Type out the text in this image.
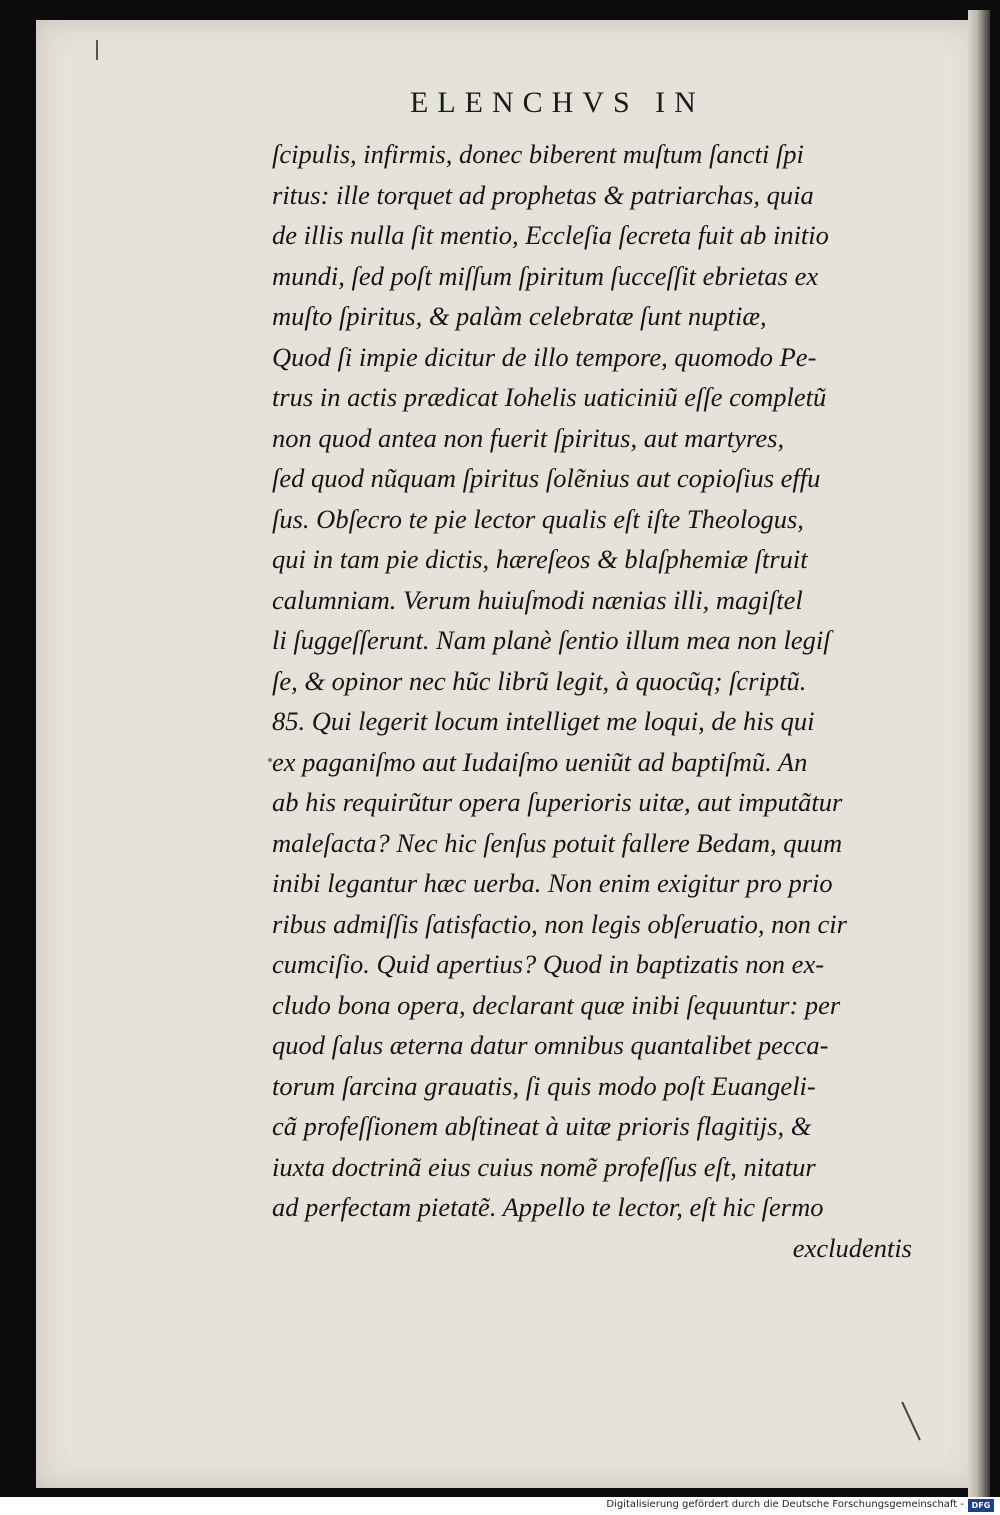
ELENCHVS IN
ſcipulis, infirmis, donec biberent muſtum ſancti ſpi
ritus: ille torquet ad prophetas & patriarchas, quia
de illis nulla ſit mentio, Eccleſia ſecreta fuit ab initio
mundi, ſed poſt miſſum ſpiritum ſucceſſit ebrietas ex
muſto ſpiritus, & palàm celebratæ ſunt nuptiæ,
Quod ſi impie dicitur de illo tempore, quomodo Pe-
trus in actis prædicat Iohelis uaticiniũ eſſe completũ
non quod antea non fuerit ſpiritus, aut martyres,
ſed quod nũquam ſpiritus ſolẽnius aut copioſius effu
ſus. Obſecro te pie lector qualis eſt iſte Theologus,
qui in tam pie dictis, hæreſeos & blaſphemiæ ſtruit
calumniam. Verum huiuſmodi nænias illi, magiſtel
li ſuggeſſerunt. Nam planè ſentio illum mea non legiſ
ſe, & opinor nec hũc librũ legit, à quocũq; ſcriptũ.
85. Qui legerit locum intelliget me loqui, de his qui
ex paganiſmo aut Iudaiſmo ueniũt ad baptiſmũ. An
ab his requirũtur opera ſuperioris uitæ, aut imputãtur
maleſacta? Nec hic ſenſus potuit fallere Bedam, quum
inibi legantur hæc uerba. Non enim exigitur pro prio
ribus admiſſis ſatisfactio, non legis obſeruatio, non cir
cumciſio. Quid apertius? Quod in baptizatis non ex-
cludo bona opera, declarant quæ inibi ſequuntur: per
quod ſalus æterna datur omnibus quantalibet pecca-
torum ſarcina grauatis, ſi quis modo poſt Euangeli-
cã profeſſionem abſtineat à uitæ prioris flagitijs, &
iuxta doctrinã eius cuius nomẽ profeſſus eſt, nitatur
ad perfectam pietatẽ. Appello te lector, eſt hic ſermo
excludentis
Digitalisierung gefördert durch die Deutsche Forschungsgemeinschaft - DFG
